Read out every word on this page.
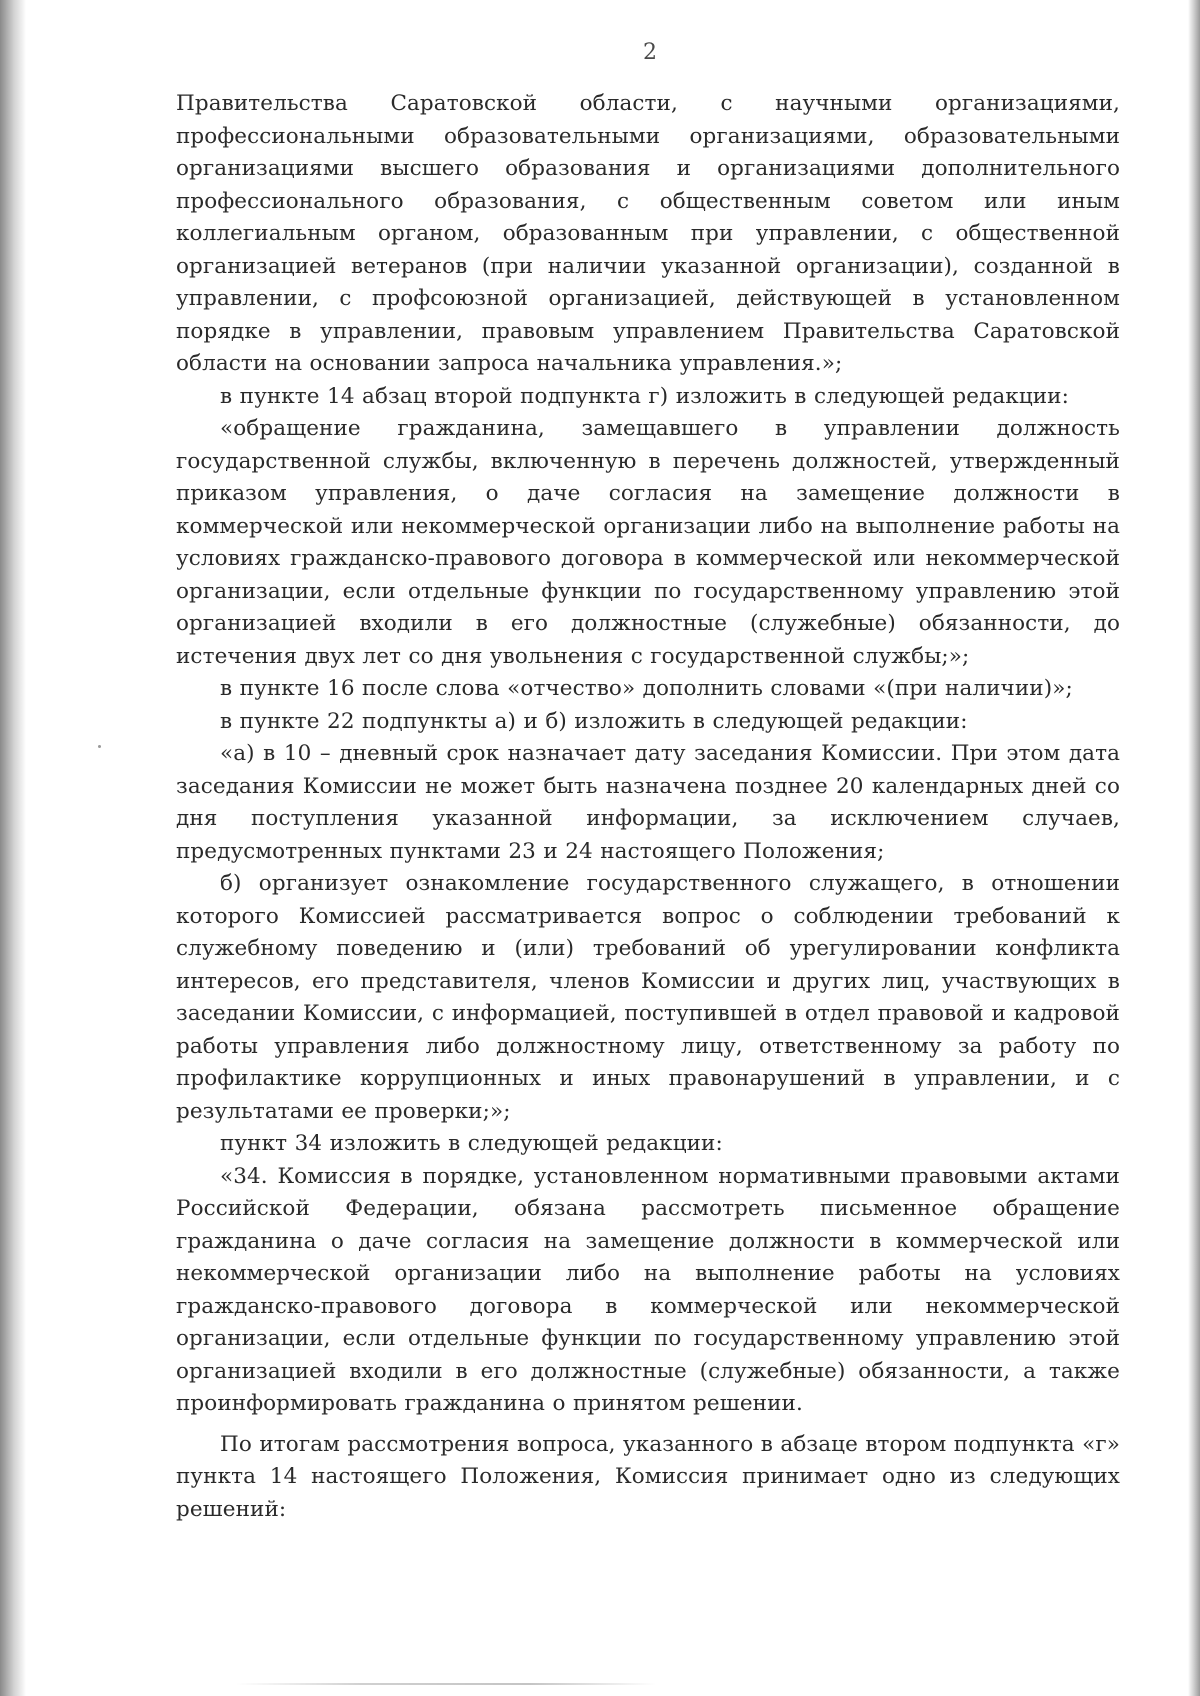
2

Правительства Саратовской области, с научными организациями, профессиональными образовательными организациями, образовательными организациями высшего образования и организациями дополнительного профессионального образования, с общественным советом или иным коллегиальным органом, образованным при управлении, с общественной организацией ветеранов (при наличии указанной организации), созданной в управлении, с профсоюзной организацией, действующей в установленном порядке в управлении, правовым управлением Правительства Саратовской области на основании запроса начальника управления.»;

в пункте 14 абзац второй подпункта г) изложить в следующей редакции:

«обращение гражданина, замещавшего в управлении должность государственной службы, включенную в перечень должностей, утвержденный приказом управления, о даче согласия на замещение должности в коммерческой или некоммерческой организации либо на выполнение работы на условиях гражданско-правового договора в коммерческой или некоммерческой организации, если отдельные функции по государственному управлению этой организацией входили в его должностные (служебные) обязанности, до истечения двух лет со дня увольнения с государственной службы;»;

в пункте 16 после слова «отчество» дополнить словами «(при наличии)»;

в пункте 22 подпункты а) и б) изложить в следующей редакции:

«а) в 10 – дневный срок назначает дату заседания Комиссии. При этом дата заседания Комиссии не может быть назначена позднее 20 календарных дней со дня поступления указанной информации, за исключением случаев, предусмотренных пунктами 23 и 24 настоящего Положения;

б) организует ознакомление государственного служащего, в отношении которого Комиссией рассматривается вопрос о соблюдении требований к служебному поведению и (или) требований об урегулировании конфликта интересов, его представителя, членов Комиссии и других лиц, участвующих в заседании Комиссии, с информацией, поступившей в отдел правовой и кадровой работы управления либо должностному лицу, ответственному за работу по профилактике коррупционных и иных правонарушений в управлении, и с результатами ее проверки;»;

пункт 34 изложить в следующей редакции:

«34. Комиссия в порядке, установленном нормативными правовыми актами Российской Федерации, обязана рассмотреть письменное обращение гражданина о даче согласия на замещение должности в коммерческой или некоммерческой организации либо на выполнение работы на условиях гражданско-правового договора в коммерческой или некоммерческой организации, если отдельные функции по государственному управлению этой организацией входили в его должностные (служебные) обязанности, а также проинформировать гражданина о принятом решении.

По итогам рассмотрения вопроса, указанного в абзаце втором подпункта «г» пункта 14 настоящего Положения, Комиссия принимает одно из следующих решений:
